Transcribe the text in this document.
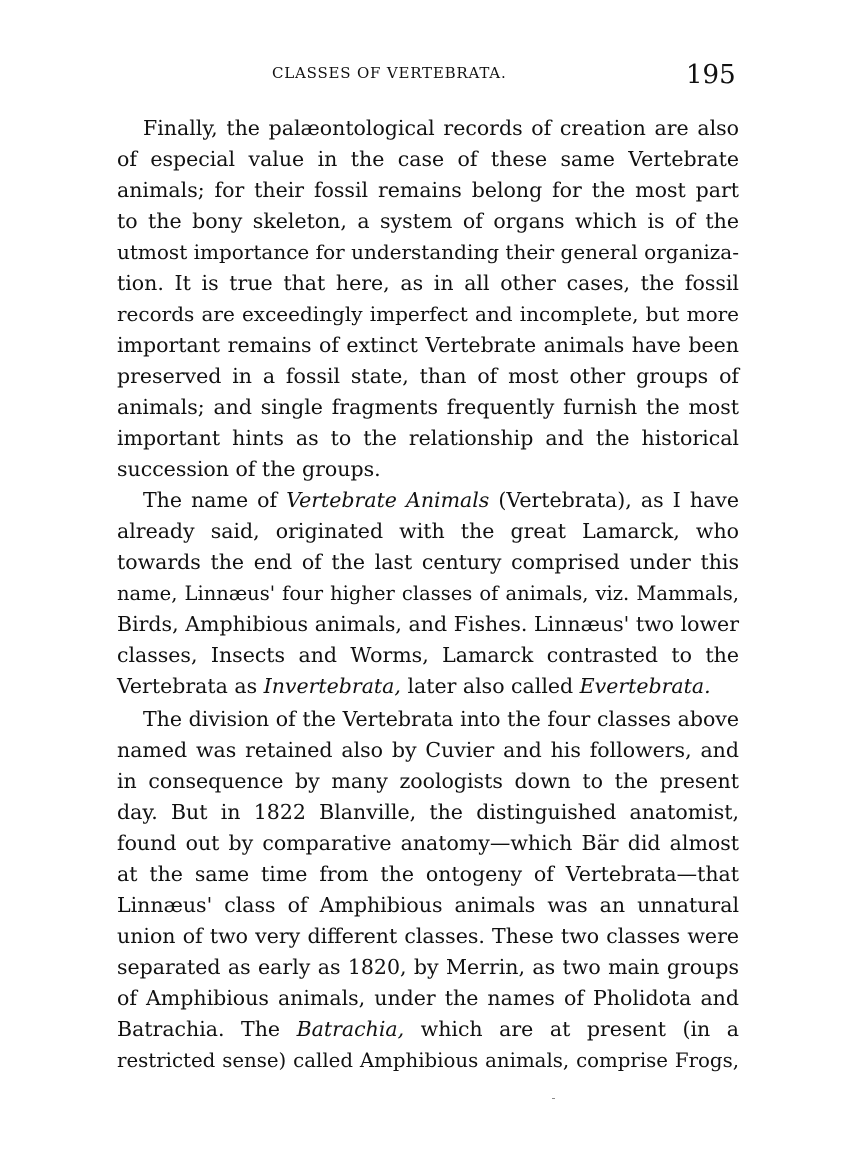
CLASSES OF VERTEBRATA.	195
Finally, the palæontological records of creation are also
of especial value in the case of these same Vertebrate
animals; for their fossil remains belong for the most part
to the bony skeleton, a system of organs which is of the
utmost importance for understanding their general organiza-
tion. It is true that here, as in all other cases, the fossil
records are exceedingly imperfect and incomplete, but more
important remains of extinct Vertebrate animals have been
preserved in a fossil state, than of most other groups of
animals; and single fragments frequently furnish the most
important hints as to the relationship and the historical
succession of the groups.
The name of Vertebrate Animals (Vertebrata), as I have
already said, originated with the great Lamarck, who
towards the end of the last century comprised under this
name, Linnæus' four higher classes of animals, viz. Mammals,
Birds, Amphibious animals, and Fishes. Linnæus' two lower
classes, Insects and Worms, Lamarck contrasted to the
Vertebrata as Invertebrata, later also called Evertebrata.
The division of the Vertebrata into the four classes above
named was retained also by Cuvier and his followers, and
in consequence by many zoologists down to the present
day. But in 1822 Blanville, the distinguished anatomist,
found out by comparative anatomy—which Bär did almost
at the same time from the ontogeny of Vertebrata—that
Linnæus' class of Amphibious animals was an unnatural
union of two very different classes. These two classes were
separated as early as 1820, by Merrin, as two main groups
of Amphibious animals, under the names of Pholidota and
Batrachia. The Batrachia, which are at present (in a
restricted sense) called Amphibious animals, comprise Frogs,
